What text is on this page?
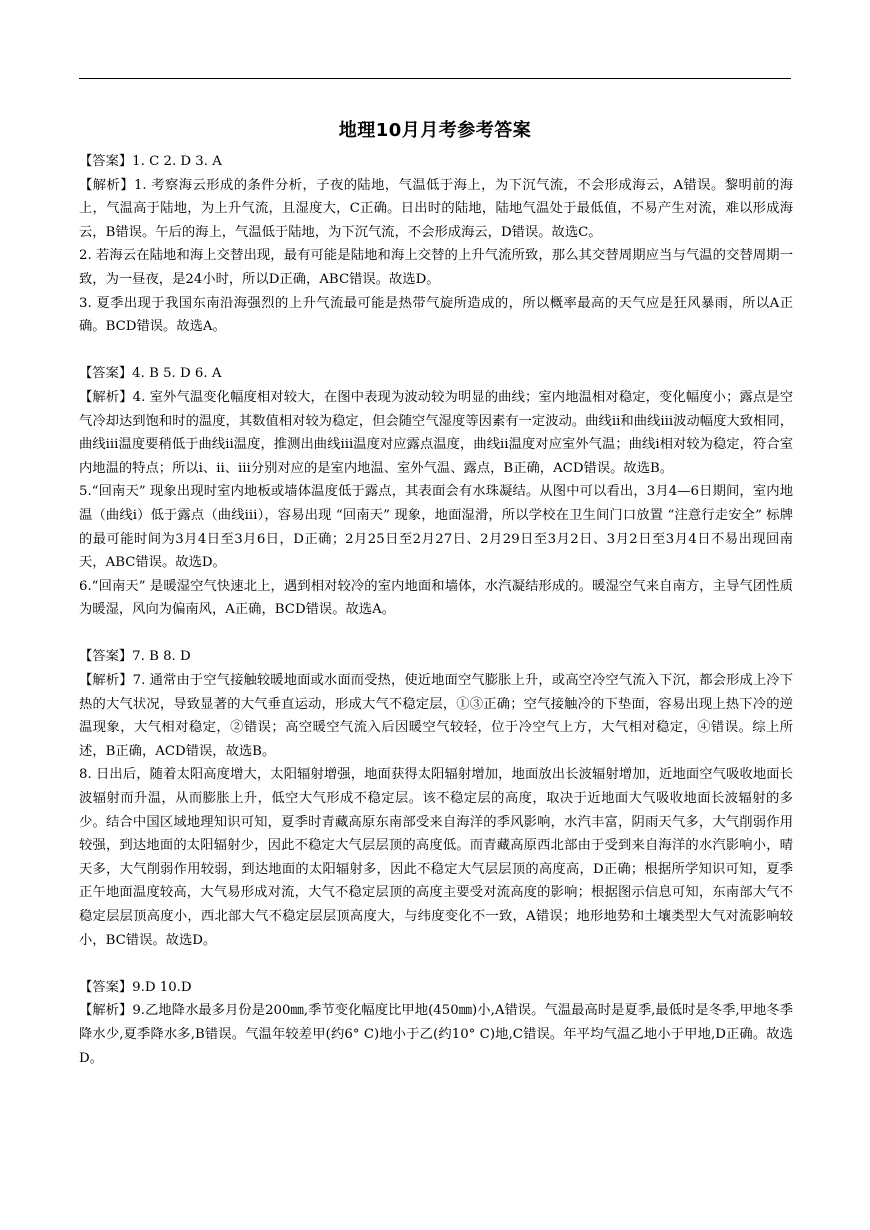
地理10月月考参考答案

【答案】1. C 2. D 3. A

【解析】1. 考察海云形成的条件分析，子夜的陆地，气温低于海上，为下沉气流，不会形成海云，A错误。黎明前的海上，气温高于陆地，为上升气流，且湿度大，C正确。日出时的陆地，陆地气温处于最低值，不易产生对流，难以形成海云，B错误。午后的海上，气温低于陆地，为下沉气流，不会形成海云，D错误。故选C。

2. 若海云在陆地和海上交替出现，最有可能是陆地和海上交替的上升气流所致，那么其交替周期应当与气温的交替周期一致，为一昼夜，是24小时，所以D正确，ABC错误。故选D。

3. 夏季出现于我国东南沿海强烈的上升气流最可能是热带气旋所造成的，所以概率最高的天气应是狂风暴雨，所以A正确。BCD错误。故选A。

【答案】4. B 5. D 6. A

【解析】4. 室外气温变化幅度相对较大，在图中表现为波动较为明显的曲线；室内地温相对稳定，变化幅度小；露点是空气冷却达到饱和时的温度，其数值相对较为稳定，但会随空气湿度等因素有一定波动。曲线ⅱ和曲线ⅲ波动幅度大致相同，曲线ⅲ温度要稍低于曲线ⅱ温度，推测出曲线ⅲ温度对应露点温度，曲线ⅱ温度对应室外气温；曲线ⅰ相对较为稳定，符合室内地温的特点；所以ⅰ、ⅱ、ⅲ分别对应的是室内地温、室外气温、露点，B正确，ACD错误。故选B。

5.“回南天” 现象出现时室内地板或墙体温度低于露点，其表面会有水珠凝结。从图中可以看出，3月4—6日期间，室内地温（曲线ⅰ）低于露点（曲线ⅲ），容易出现 “回南天” 现象，地面湿滑，所以学校在卫生间门口放置 “注意行走安全” 标牌的最可能时间为3月4日至3月6日，D正确；2月25日至2月27日、2月29日至3月2日、3月2日至3月4日不易出现回南天，ABC错误。故选D。

6.“回南天” 是暖湿空气快速北上，遇到相对较冷的室内地面和墙体，水汽凝结形成的。暖湿空气来自南方，主导气团性质为暖湿，风向为偏南风，A正确，BCD错误。故选A。

【答案】7. B 8. D

【解析】7. 通常由于空气接触较暖地面或水面而受热，使近地面空气膨胀上升，或高空冷空气流入下沉，都会形成上冷下热的大气状况，导致显著的大气垂直运动，形成大气不稳定层，①③正确；空气接触冷的下垫面，容易出现上热下冷的逆温现象，大气相对稳定，②错误；高空暖空气流入后因暖空气较轻，位于冷空气上方，大气相对稳定，④错误。综上所述，B正确，ACD错误，故选B。

8. 日出后，随着太阳高度增大，太阳辐射增强，地面获得太阳辐射增加，地面放出长波辐射增加，近地面空气吸收地面长波辐射而升温，从而膨胀上升，低空大气形成不稳定层。该不稳定层的高度，取决于近地面大气吸收地面长波辐射的多少。结合中国区域地理知识可知，夏季时青藏高原东南部受来自海洋的季风影响，水汽丰富，阴雨天气多，大气削弱作用较强，到达地面的太阳辐射少，因此不稳定大气层层顶的高度低。而青藏高原西北部由于受到来自海洋的水汽影响小，晴天多，大气削弱作用较弱，到达地面的太阳辐射多，因此不稳定大气层层顶的高度高，D正确；根据所学知识可知，夏季正午地面温度较高，大气易形成对流，大气不稳定层顶的高度主要受对流高度的影响；根据图示信息可知，东南部大气不稳定层层顶高度小，西北部大气不稳定层层顶高度大，与纬度变化不一致，A错误；地形地势和土壤类型大气对流影响较小，BC错误。故选D。

【答案】9.D 10.D

【解析】9.乙地降水最多月份是200㎜,季节变化幅度比甲地(450㎜)小,A错误。气温最高时是夏季,最低时是冬季,甲地冬季降水少,夏季降水多,B错误。气温年较差甲(约6° C)地小于乙(约10° C)地,C错误。年平均气温乙地小于甲地,D正确。故选D。
